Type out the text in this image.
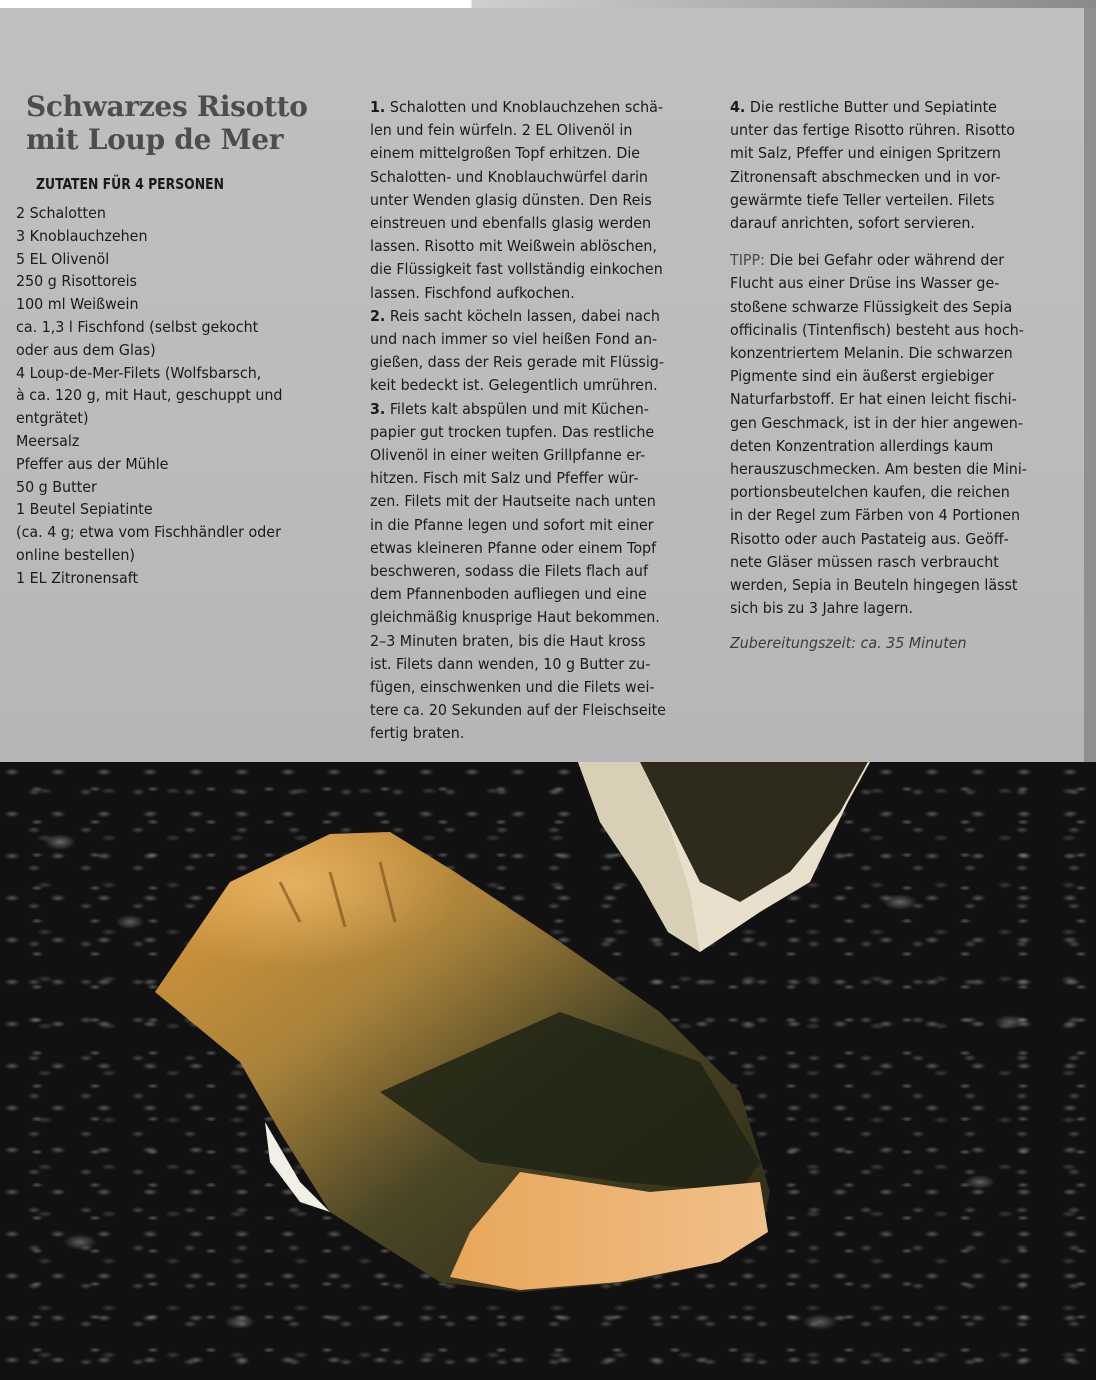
Schwarzes Risotto
mit Loup de Mer
ZUTATEN FÜR 4 PERSONEN
2 Schalotten
3 Knoblauchzehen
5 EL Olivenöl
250 g Risottoreis
100 ml Weißwein
ca. 1,3 l Fischfond (selbst gekocht
oder aus dem Glas)
4 Loup-de-Mer-Filets (Wolfsbarsch,
à ca. 120 g, mit Haut, geschuppt und
entgrätet)
Meersalz
Pfeffer aus der Mühle
50 g Butter
1 Beutel Sepiatinte
(ca. 4 g; etwa vom Fischhändler oder
online bestellen)
1 EL Zitronensaft
1. Schalotten und Knoblauchzehen schä-
len und fein würfeln. 2 EL Olivenöl in
einem mittelgroßen Topf erhitzen. Die
Schalotten- und Knoblauchwürfel darin
unter Wenden glasig dünsten. Den Reis
einstreuen und ebenfalls glasig werden
lassen. Risotto mit Weißwein ablöschen,
die Flüssigkeit fast vollständig einkochen
lassen. Fischfond aufkochen.
2. Reis sacht köcheln lassen, dabei nach
und nach immer so viel heißen Fond an-
gießen, dass der Reis gerade mit Flüssig-
keit bedeckt ist. Gelegentlich umrühren.
3. Filets kalt abspülen und mit Küchen-
papier gut trocken tupfen. Das restliche
Olivenöl in einer weiten Grillpfanne er-
hitzen. Fisch mit Salz und Pfeffer wür-
zen. Filets mit der Hautseite nach unten
in die Pfanne legen und sofort mit einer
etwas kleineren Pfanne oder einem Topf
beschweren, sodass die Filets flach auf
dem Pfannenboden aufliegen und eine
gleichmäßig knusprige Haut bekommen.
2–3 Minuten braten, bis die Haut kross
ist. Filets dann wenden, 10 g Butter zu-
fügen, einschwenken und die Filets wei-
tere ca. 20 Sekunden auf der Fleischseite
fertig braten.
4. Die restliche Butter und Sepiatinte
unter das fertige Risotto rühren. Risotto
mit Salz, Pfeffer und einigen Spritzern
Zitronensaft abschmecken und in vor-
gewärmte tiefe Teller verteilen. Filets
darauf anrichten, sofort servieren.
TIPP: Die bei Gefahr oder während der
Flucht aus einer Drüse ins Wasser ge-
stoßene schwarze Flüssigkeit des Sepia
officinalis (Tintenfisch) besteht aus hoch-
konzentriertem Melanin. Die schwarzen
Pigmente sind ein äußerst ergiebiger
Naturfarbstoff. Er hat einen leicht fischi-
gen Geschmack, ist in der hier angewen-
deten Konzentration allerdings kaum
herauszuschmecken. Am besten die Mini-
portionsbeutelchen kaufen, die reichen
in der Regel zum Färben von 4 Portionen
Risotto oder auch Pastateig aus. Geöff-
nete Gläser müssen rasch verbraucht
werden, Sepia in Beuteln hingegen lässt
sich bis zu 3 Jahre lagern.
Zubereitungszeit: ca. 35 Minuten
